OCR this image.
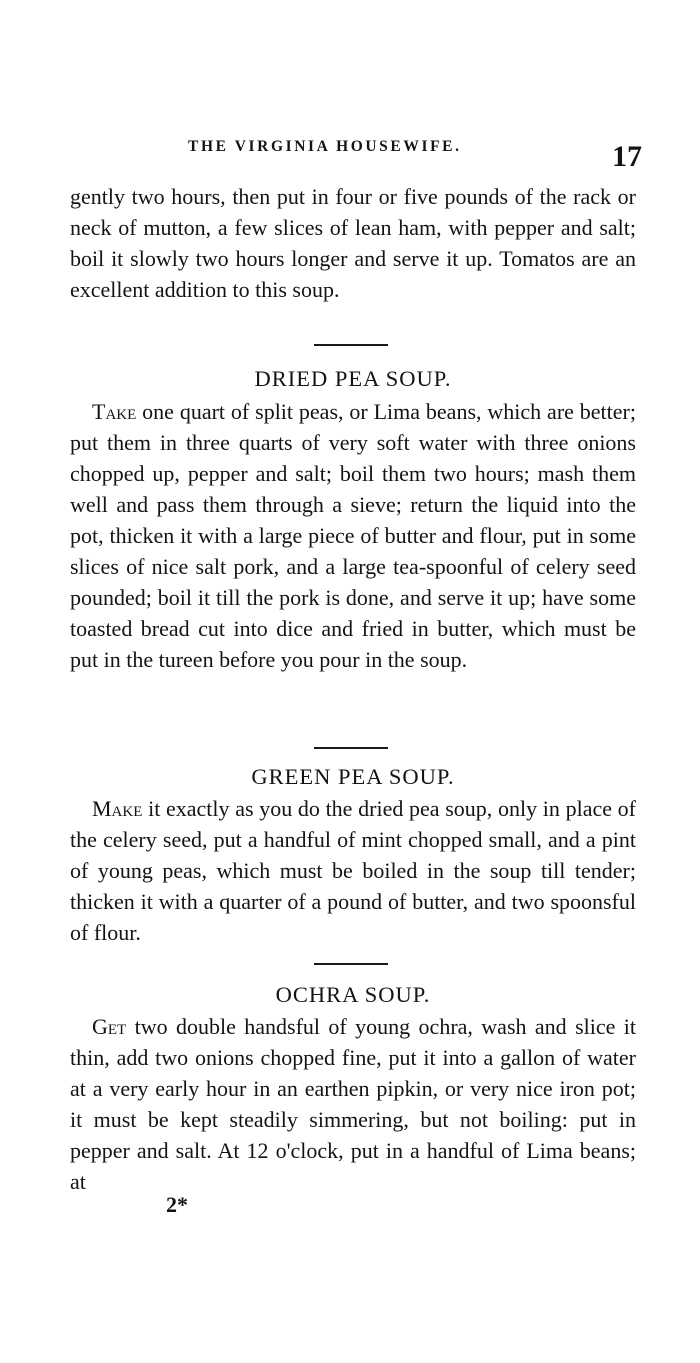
THE VIRGINIA HOUSEWIFE.	17

gently two hours, then put in four or five pounds of the rack or neck of mutton, a few slices of lean ham, with pepper and salt; boil it slowly two hours longer and serve it up. Tomatos are an excellent addition to this soup.

DRIED PEA SOUP.

Take one quart of split peas, or Lima beans, which are better; put them in three quarts of very soft water with three onions chopped up, pepper and salt; boil them two hours; mash them well and pass them through a sieve; return the liquid into the pot, thicken it with a large piece of butter and flour, put in some slices of nice salt pork, and a large tea-spoonful of celery seed pounded; boil it till the pork is done, and serve it up; have some toasted bread cut into dice and fried in butter, which must be put in the tureen before you pour in the soup.

GREEN PEA SOUP.

Make it exactly as you do the dried pea soup, only in place of the celery seed, put a handful of mint chopped small, and a pint of young peas, which must be boiled in the soup till tender; thicken it with a quarter of a pound of butter, and two spoonsful of flour.

OCHRA SOUP.

Get two double handsful of young ochra, wash and slice it thin, add two onions chopped fine, put it into a gallon of water at a very early hour in an earthen pipkin, or very nice iron pot; it must be kept steadily simmering, but not boiling: put in pepper and salt. At 12 o'clock, put in a handful of Lima beans; at

2*
